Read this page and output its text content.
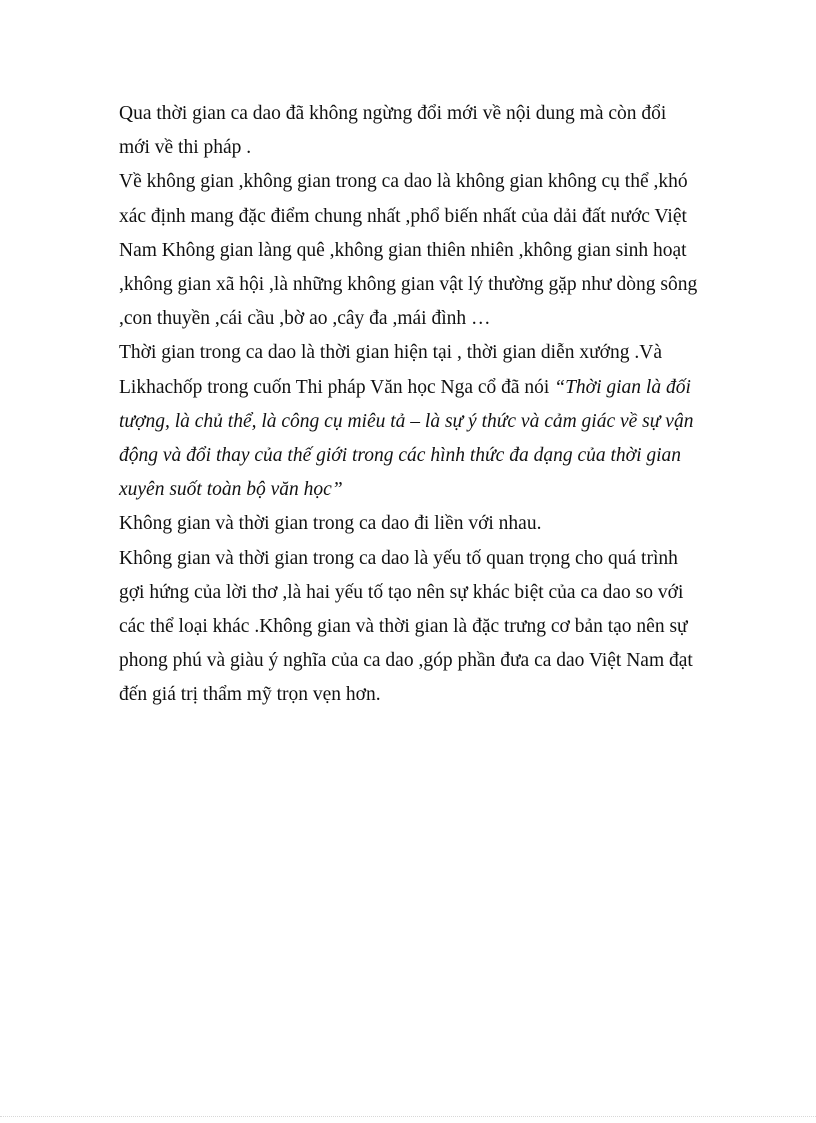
Qua thời gian ca dao đã không ngừng đổi mới về nội dung mà còn đổi mới về thi pháp .

Về không gian ,không gian trong ca dao là không gian không cụ thể ,khó xác định mang đặc điểm chung nhất ,phổ biến nhất của dải đất nước Việt Nam Không gian làng quê ,không gian thiên nhiên ,không gian sinh hoạt ,không gian xã hội ,là những không gian vật lý thường gặp như dòng sông ,con thuyền ,cái cầu ,bờ ao ,cây đa ,mái đình …

Thời gian trong ca dao là thời gian hiện tại , thời gian diễn xướng .Và Likhachốp trong cuốn Thi pháp Văn học Nga cổ đã nói “Thời gian là đối tượng, là chủ thể, là công cụ miêu tả – là sự ý thức và cảm giác về sự vận động và đổi thay của thế giới trong các hình thức đa dạng của thời gian xuyên suốt toàn bộ văn học”

Không gian và thời gian trong ca dao đi liền với nhau.

Không gian và thời gian trong ca dao là yếu tố quan trọng cho quá trình gợi hứng của lời thơ ,là hai yếu tố tạo nên sự khác biệt của ca dao so với các thể loại khác .Không gian và thời gian là đặc trưng cơ bản tạo nên sự phong phú và giàu ý nghĩa của ca dao ,góp phần đưa ca dao Việt Nam đạt đến giá trị thẩm mỹ trọn vẹn hơn.
